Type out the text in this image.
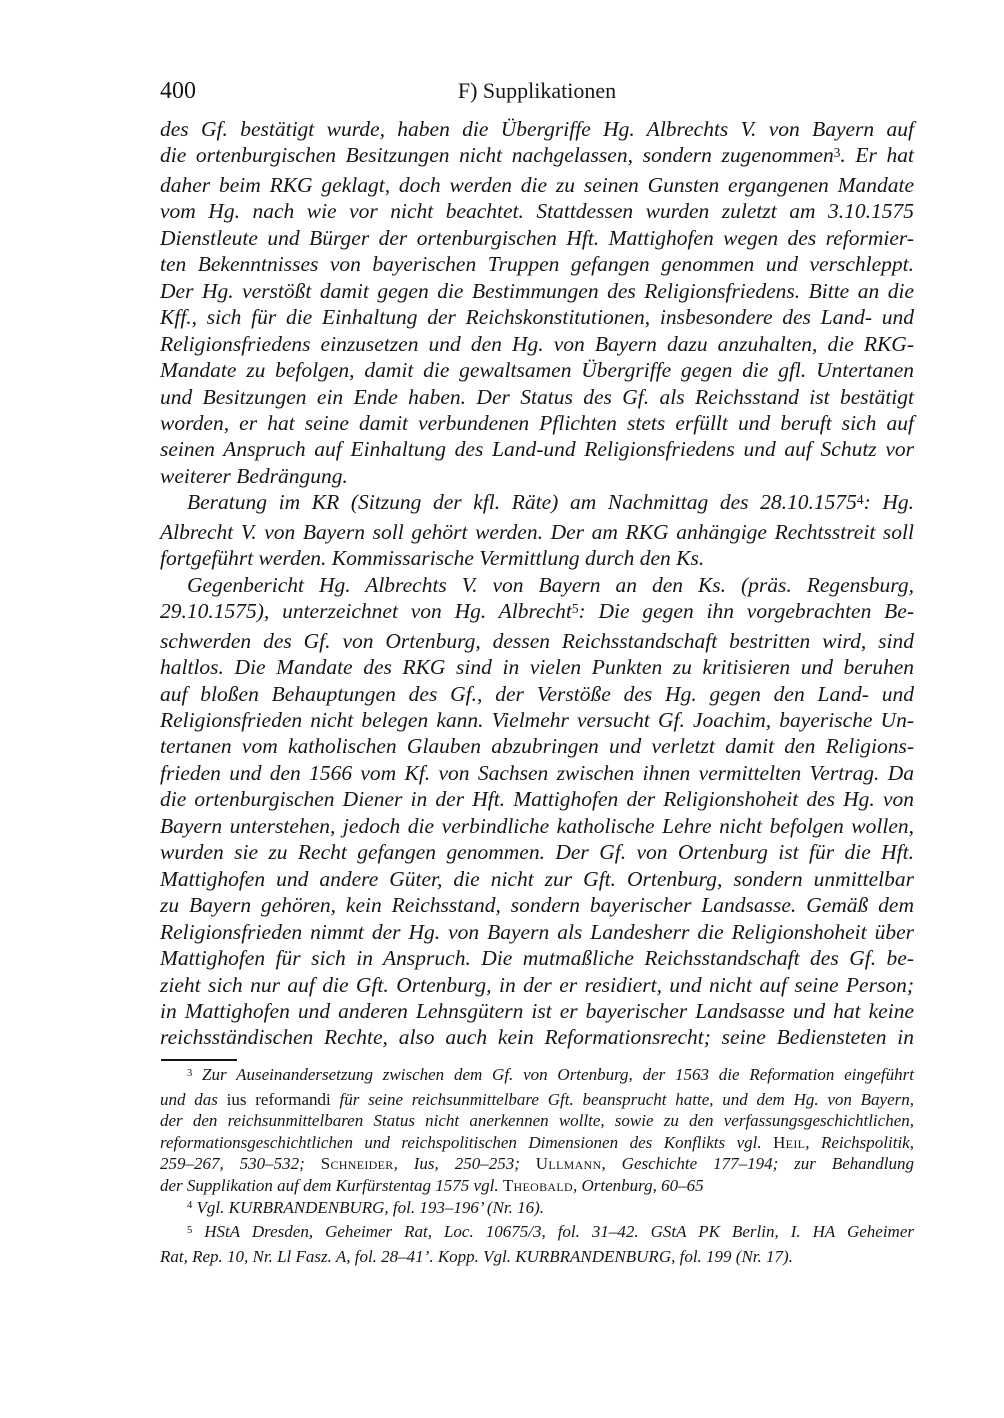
400	F) Supplikationen
des Gf. bestätigt wurde, haben die Übergriffe Hg. Albrechts V. von Bayern auf
die ortenburgischen Besitzungen nicht nachgelassen, sondern zugenommen$^3$. Er hat
daher beim RKG geklagt, doch werden die zu seinen Gunsten ergangenen Mandate
vom Hg. nach wie vor nicht beachtet. Stattdessen wurden zuletzt am 3.10.1575
Dienstleute und Bürger der ortenburgischen Hft. Mattighofen wegen des reformier-
ten Bekenntnisses von bayerischen Truppen gefangen genommen und verschleppt.
Der Hg. verstößt damit gegen die Bestimmungen des Religionsfriedens. Bitte an die
Kff., sich für die Einhaltung der Reichskonstitutionen, insbesondere des Land- und
Religionsfriedens einzusetzen und den Hg. von Bayern dazu anzuhalten, die RKG-
Mandate zu befolgen, damit die gewaltsamen Übergriffe gegen die gfl. Untertanen
und Besitzungen ein Ende haben. Der Status des Gf. als Reichsstand ist bestätigt
worden, er hat seine damit verbundenen Pflichten stets erfüllt und beruft sich auf
seinen Anspruch auf Einhaltung des Land-und Religionsfriedens und auf Schutz vor
weiterer Bedrängung.
Beratung im KR (Sitzung der kfl. Räte) am Nachmittag des 28.10.1575$^4$: Hg.
Albrecht V. von Bayern soll gehört werden. Der am RKG anhängige Rechtsstreit soll
fortgeführt werden. Kommissarische Vermittlung durch den Ks.
Gegenbericht Hg. Albrechts V. von Bayern an den Ks. (präs. Regensburg,
29.10.1575), unterzeichnet von Hg. Albrecht$^5$: Die gegen ihn vorgebrachten Be-
schwerden des Gf. von Ortenburg, dessen Reichsstandschaft bestritten wird, sind
haltlos. Die Mandate des RKG sind in vielen Punkten zu kritisieren und beruhen
auf bloßen Behauptungen des Gf., der Verstöße des Hg. gegen den Land- und
Religionsfrieden nicht belegen kann. Vielmehr versucht Gf. Joachim, bayerische Un-
tertanen vom katholischen Glauben abzubringen und verletzt damit den Religions-
frieden und den 1566 vom Kf. von Sachsen zwischen ihnen vermittelten Vertrag. Da
die ortenburgischen Diener in der Hft. Mattighofen der Religionshoheit des Hg. von
Bayern unterstehen, jedoch die verbindliche katholische Lehre nicht befolgen wollen,
wurden sie zu Recht gefangen genommen. Der Gf. von Ortenburg ist für die Hft.
Mattighofen und andere Güter, die nicht zur Gft. Ortenburg, sondern unmittelbar
zu Bayern gehören, kein Reichsstand, sondern bayerischer Landsasse. Gemäß dem
Religionsfrieden nimmt der Hg. von Bayern als Landesherr die Religionshoheit über
Mattighofen für sich in Anspruch. Die mutmaßliche Reichsstandschaft des Gf. be-
zieht sich nur auf die Gft. Ortenburg, in der er residiert, und nicht auf seine Person;
in Mattighofen und anderen Lehnsgütern ist er bayerischer Landsasse und hat keine
reichsständischen Rechte, also auch kein Reformationsrecht; seine Bediensteten in
$^3$ Zur Auseinandersetzung zwischen dem Gf. von Ortenburg, der 1563 die Reformation eingeführt
und das ius reformandi für seine reichsunmittelbare Gft. beansprucht hatte, und dem Hg. von Bayern,
der den reichsunmittelbaren Status nicht anerkennen wollte, sowie zu den verfassungsgeschichtlichen,
reformationsgeschichtlichen und reichspolitischen Dimensionen des Konflikts vgl. Heil, Reichspolitik,
259–267, 530–532; Schneider, Ius, 250–253; Ullmann, Geschichte 177–194; zur Behandlung
der Supplikation auf dem Kurfürstentag 1575 vgl. Theobald, Ortenburg, 60–65
$^4$ Vgl. KURBRANDENBURG, fol. 193–196’ (Nr. 16).
$^5$ HStA Dresden, Geheimer Rat, Loc. 10675/3, fol. 31–42. GStA PK Berlin, I. HA Geheimer
Rat, Rep. 10, Nr. Ll Fasz. A, fol. 28–41’. Kopp. Vgl. KURBRANDENBURG, fol. 199 (Nr. 17).
